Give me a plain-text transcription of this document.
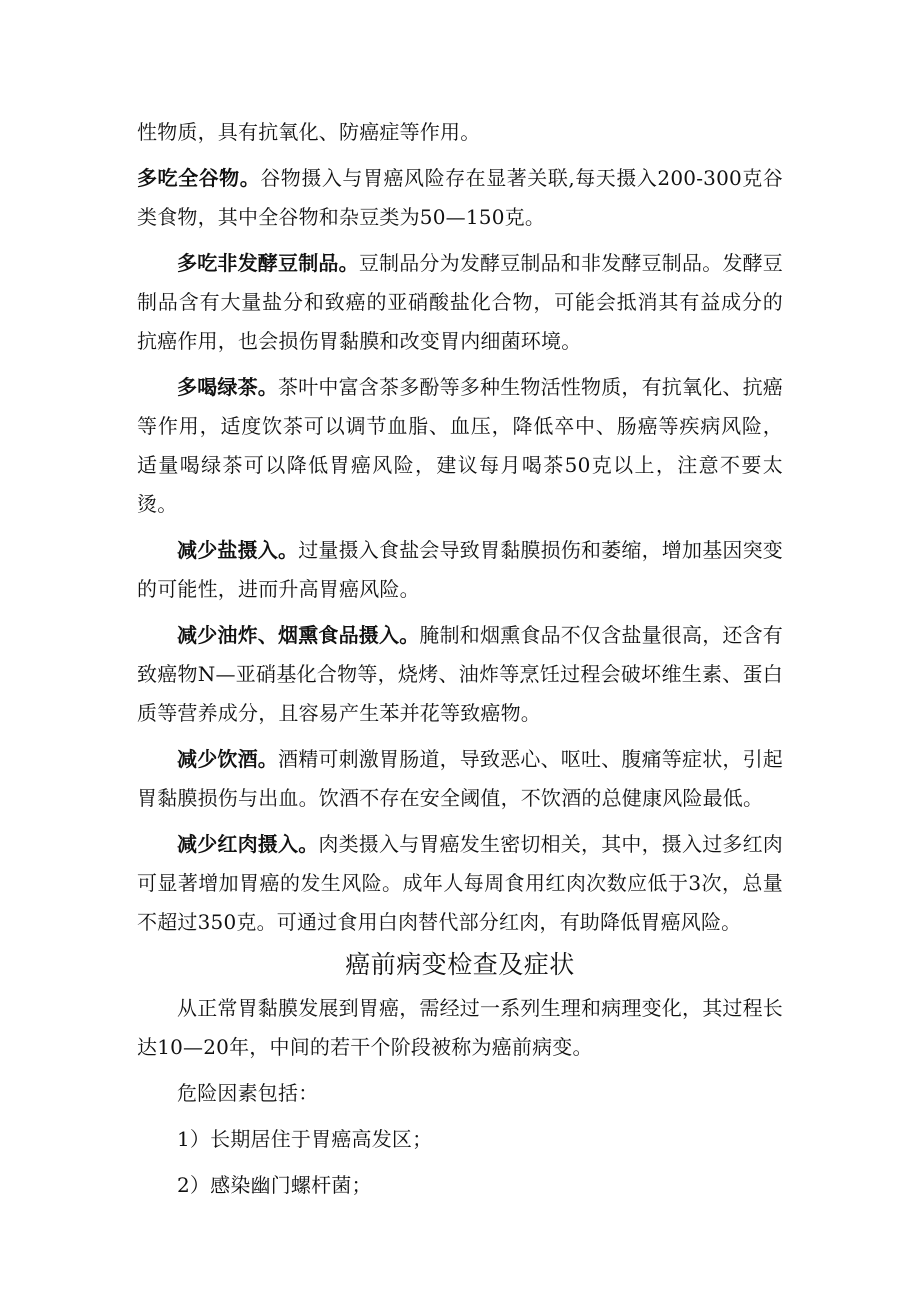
性物质，具有抗氧化、防癌症等作用。

多吃全谷物。谷物摄入与胃癌风险存在显著关联,每天摄入200-300克谷类食物，其中全谷物和杂豆类为50—150克。

多吃非发酵豆制品。豆制品分为发酵豆制品和非发酵豆制品。发酵豆制品含有大量盐分和致癌的亚硝酸盐化合物，可能会抵消其有益成分的抗癌作用，也会损伤胃黏膜和改变胃内细菌环境。

多喝绿茶。茶叶中富含茶多酚等多种生物活性物质，有抗氧化、抗癌等作用，适度饮茶可以调节血脂、血压，降低卒中、肠癌等疾病风险，适量喝绿茶可以降低胃癌风险，建议每月喝茶50克以上，注意不要太烫。

减少盐摄入。过量摄入食盐会导致胃黏膜损伤和萎缩，增加基因突变的可能性，进而升高胃癌风险。

减少油炸、烟熏食品摄入。腌制和烟熏食品不仅含盐量很高，还含有致癌物N—亚硝基化合物等，烧烤、油炸等烹饪过程会破坏维生素、蛋白质等营养成分，且容易产生苯并花等致癌物。

减少饮酒。酒精可刺激胃肠道，导致恶心、呕吐、腹痛等症状，引起胃黏膜损伤与出血。饮酒不存在安全阈值，不饮酒的总健康风险最低。

减少红肉摄入。肉类摄入与胃癌发生密切相关，其中，摄入过多红肉可显著增加胃癌的发生风险。成年人每周食用红肉次数应低于3次，总量不超过350克。可通过食用白肉替代部分红肉，有助降低胃癌风险。

癌前病变检查及症状

从正常胃黏膜发展到胃癌，需经过一系列生理和病理变化，其过程长达10—20年，中间的若干个阶段被称为癌前病变。

危险因素包括：

1）长期居住于胃癌高发区；

2）感染幽门螺杆菌；
